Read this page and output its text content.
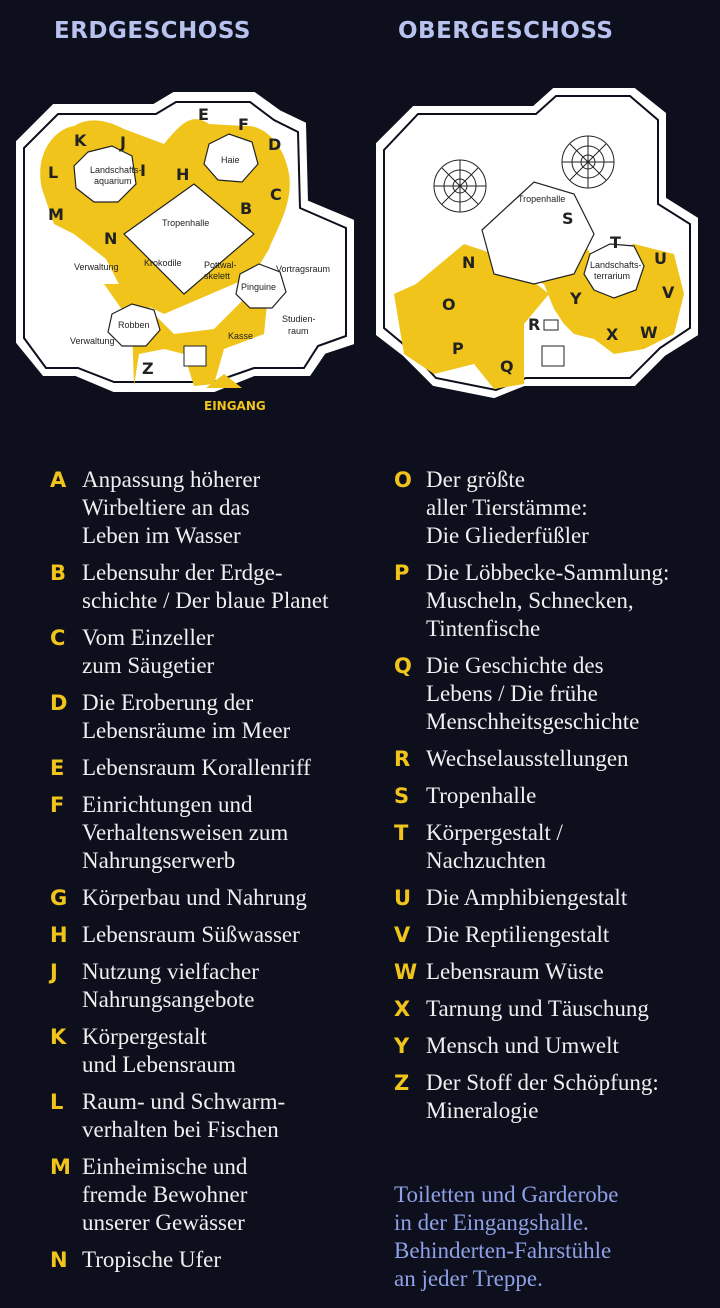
ERDGESCHOSS	OBERGESCHOSS
Landschafts-
aquarium
Tropenhalle
Haie
Krokodile Pottwal-
skelett
Verwaltung
Verwaltung
Pinguine
Vortragsraum
Robben
Kasse
Studien-
raum
K J
E
F
D
L	I H
C
M	B
N
Z
EINGANG
Tropenhalle
Landschafts-
terrarium
S
T
U
N
V
O	Y
R
X W
P
Q
A Anpassung höherer
Wirbeltiere an das
Leben im Wasser
B Lebensuhr der Erdge-
schichte / Der blaue Planet
C Vom Einzeller
zum Säugetier
D Die Eroberung der
Lebensräume im Meer
E Lebensraum Korallenriff
F Einrichtungen und
Verhaltensweisen zum
Nahrungserwerb
G Körperbau und Nahrung
H Lebensraum Süßwasser
J	Nutzung vielfacher
Nahrungsangebote
K Körpergestalt
und Lebensraum
L Raum- und Schwarm-
verhalten bei Fischen
M Einheimische und
fremde Bewohner
unserer Gewässer
N Tropische Ufer
O Der größte
aller Tierstämme:
Die Gliederfüßler
P Die Löbbecke-Sammlung:
Muscheln, Schnecken,
Tintenfische
Q Die Geschichte des
Lebens / Die frühe
Menschheitsgeschichte
R Wechselausstellungen
S Tropenhalle
T Körpergestalt /
Nachzuchten
U Die Amphibiengestalt
V Die Reptiliengestalt
W Lebensraum Wüste
X Tarnung und Täuschung
Y Mensch und Umwelt
Z Der Stoff der Schöpfung:
Mineralogie

Toiletten und Garderobe
in der Eingangshalle.
Behinderten-Fahrstühle
an jeder Treppe.
